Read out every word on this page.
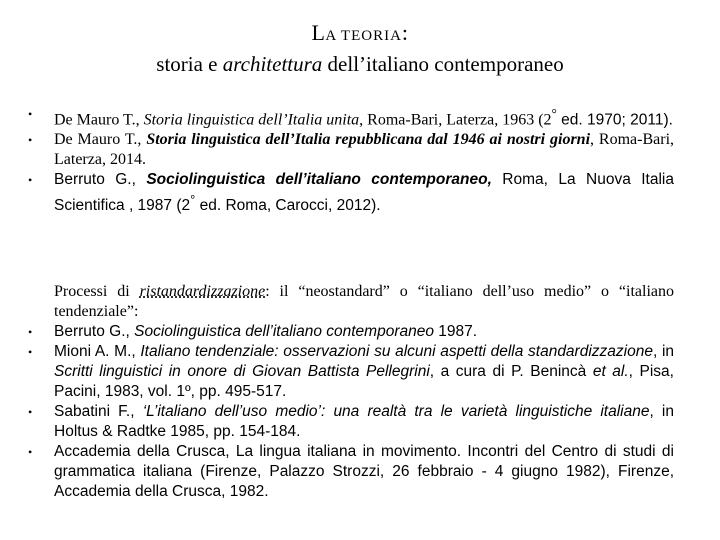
LA TEORIA:
storia e architettura dell’italiano contemporaneo
• De Mauro T., Storia linguistica dell’Italia unita, Roma-Bari, Laterza, 1963 (2° ed. 1970; 2011).
• De Mauro T., Storia linguistica dell’Italia repubblicana dal 1946 ai nostri giorni, Roma-Bari, Laterza, 2014.
• Berruto G., Sociolinguistica dell’italiano contemporaneo, Roma, La Nuova Italia Scientifica , 1987 (2° ed. Roma, Carocci, 2012).
Processi di ristandardizzazione: il “neostandard” o “italiano dell’uso medio” o “italiano tendenziale”:
• Berruto G., Sociolinguistica dell’italiano contemporaneo 1987.
• Mioni A. M., Italiano tendenziale: osservazioni su alcuni aspetti della standardizzazione, in Scritti linguistici in onore di Giovan Battista Pellegrini, a cura di P. Benincà et al., Pisa, Pacini, 1983, vol. 1º, pp. 495-517.
• Sabatini F., ‘L’italiano dell’uso medio’: una realtà tra le varietà linguistiche italiane, in Holtus & Radtke 1985, pp. 154-184.
• Accademia della Crusca, La lingua italiana in movimento. Incontri del Centro di studi di grammatica italiana (Firenze, Palazzo Strozzi, 26 febbraio - 4 giugno 1982), Firenze, Accademia della Crusca, 1982.
